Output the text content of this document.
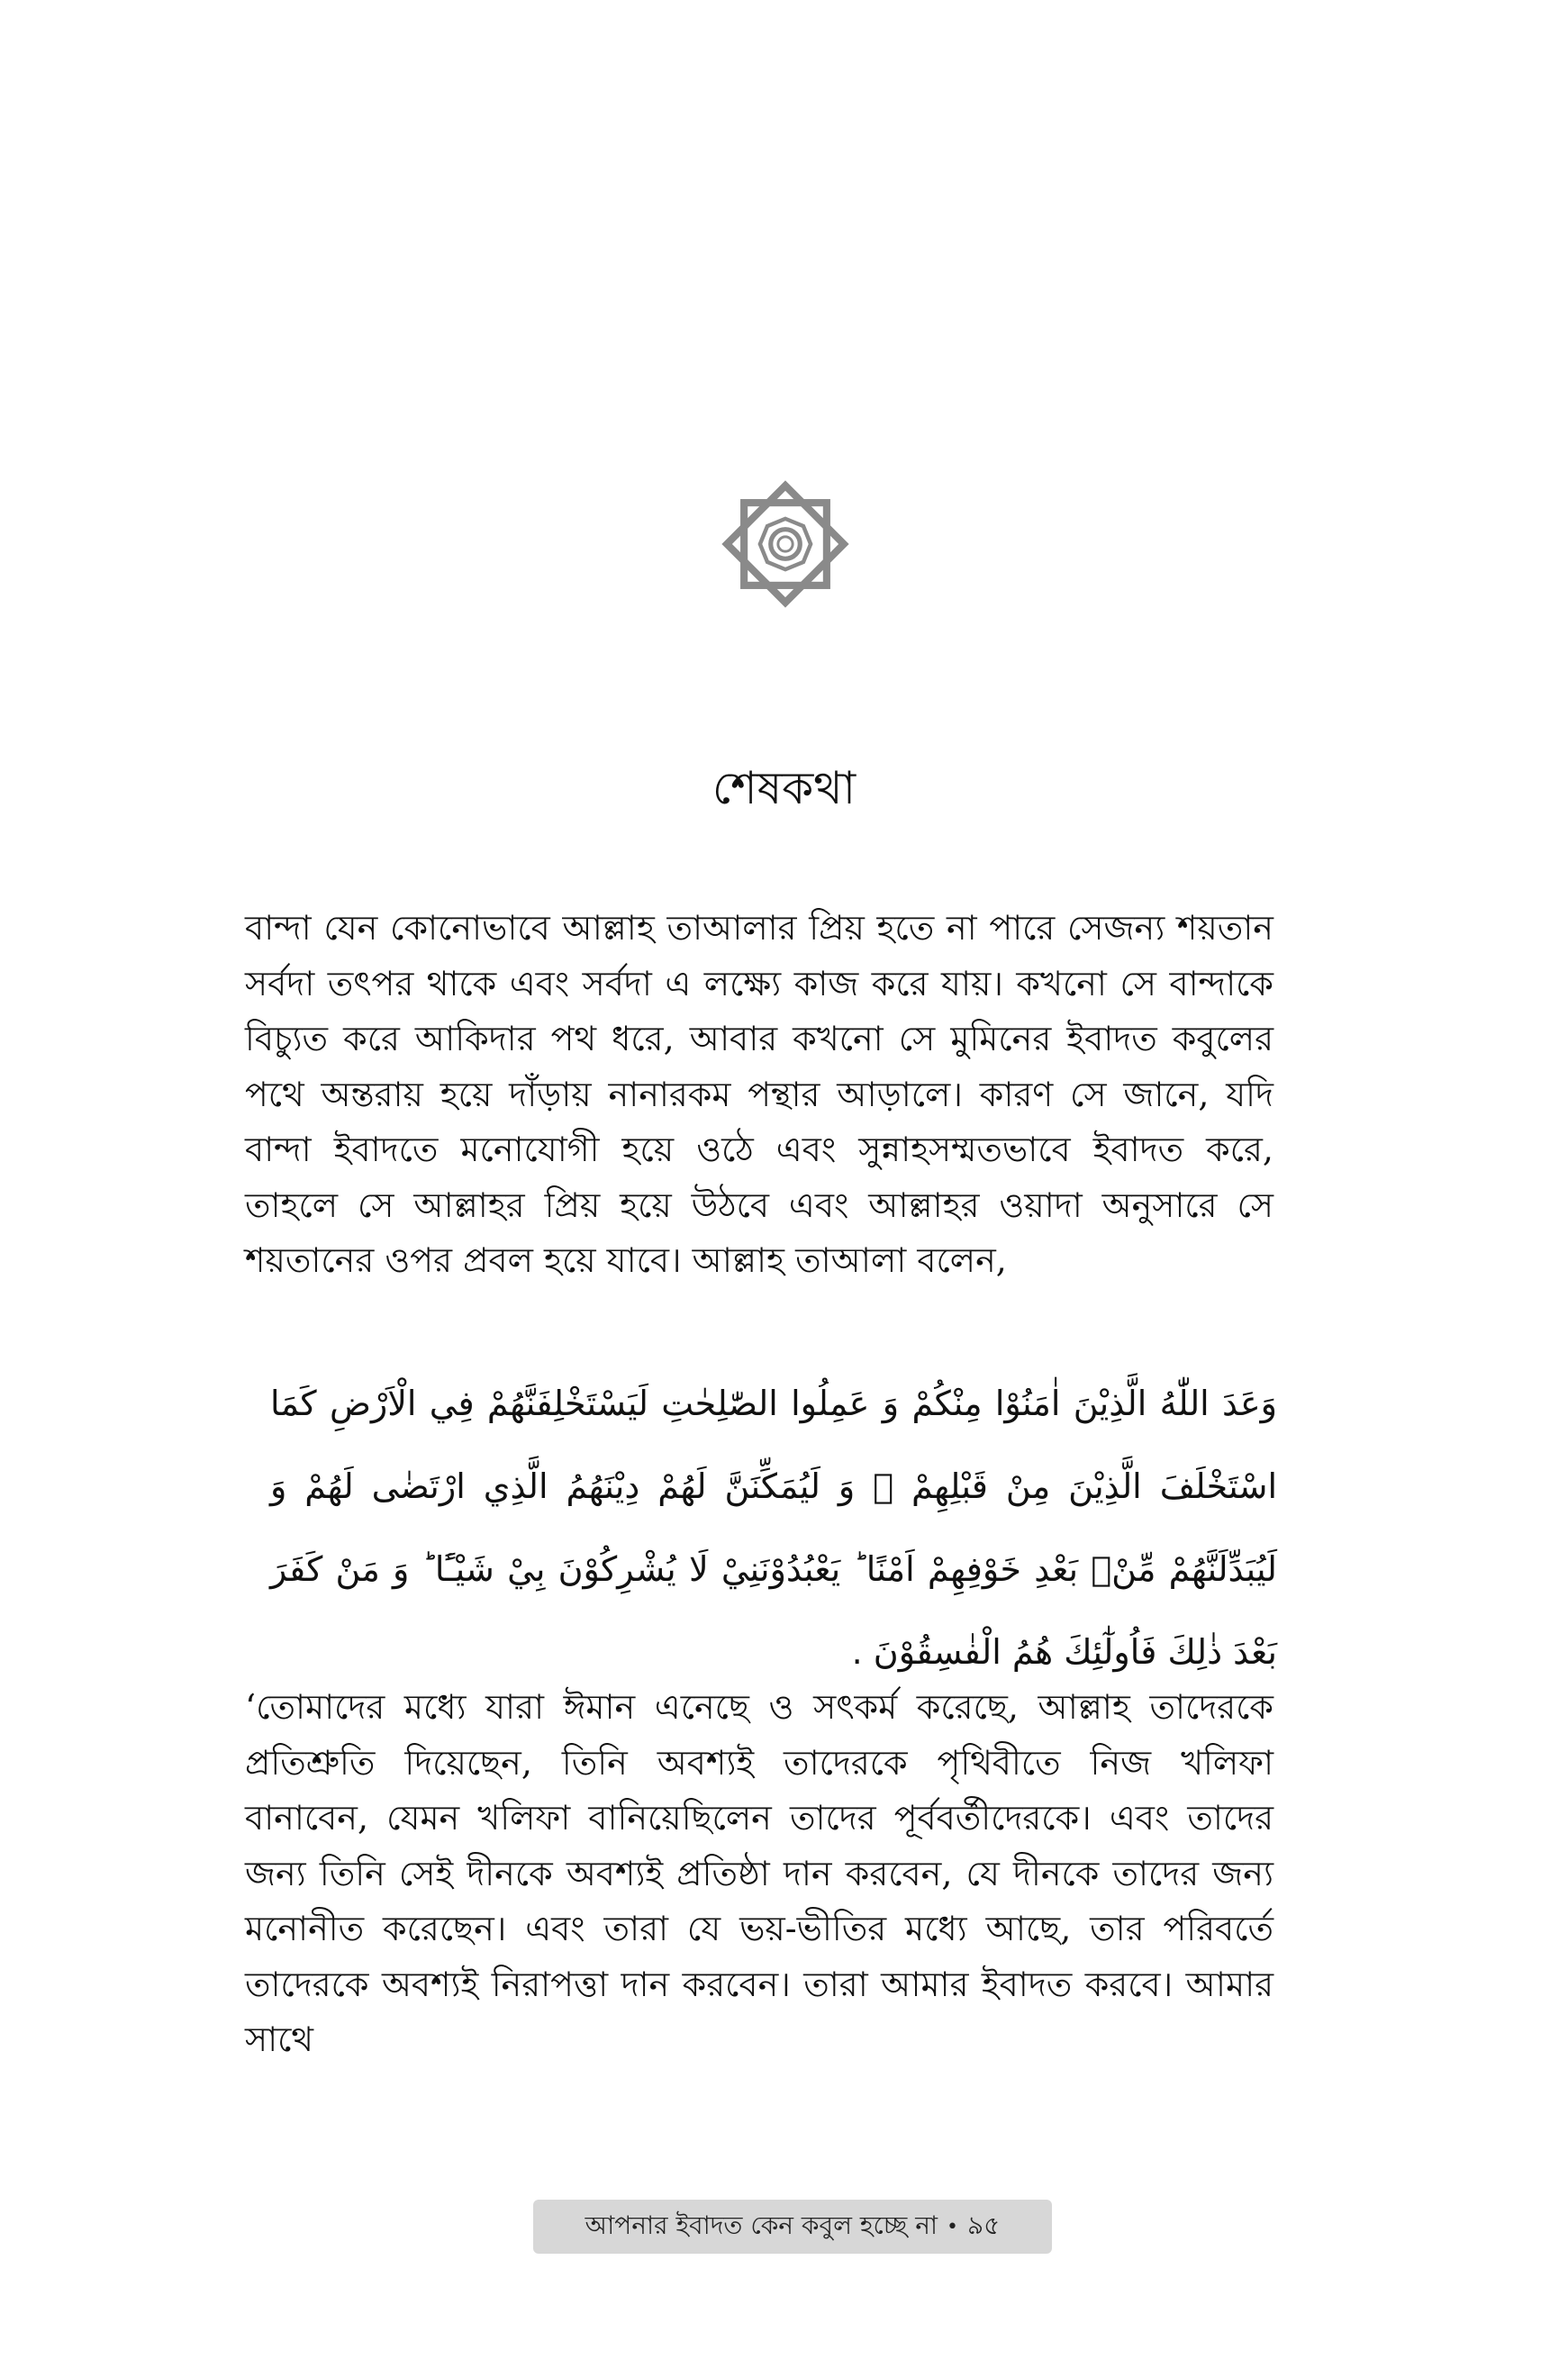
শেষকথা

বান্দা যেন কোনোভাবে আল্লাহ তাআলার প্রিয় হতে না পারে সেজন্য শয়তান সর্বদা তৎপর থাকে এবং সর্বদা এ লক্ষ্যে কাজ করে যায়। কখনো সে বান্দাকে বিচ্যুত করে আকিদার পথ ধরে, আবার কখনো সে মুমিনের ইবাদত কবুলের পথে অন্তরায় হয়ে দাঁড়ায় নানারকম পন্থার আড়ালে। কারণ সে জানে, যদি বান্দা ইবাদতে মনোযোগী হয়ে ওঠে এবং সুন্নাহসম্মতভাবে ইবাদত করে, তাহলে সে আল্লাহর প্রিয় হয়ে উঠবে এবং আল্লাহর ওয়াদা অনুসারে সে শয়তানের ওপর প্রবল হয়ে যাবে। আল্লাহ তাআলা বলেন,

وَعَدَ اللّٰهُ الَّذِيْنَ اٰمَنُوْا مِنْكُمْ وَ عَمِلُوا الصّٰلِحٰتِ لَيَسْتَخْلِفَنَّهُمْ فِي الْاَرْضِ كَمَا اسْتَخْلَفَ الَّذِيْنَ مِنْ قَبْلِهِمْ ۪ وَ لَيُمَكِّنَنَّ لَهُمْ دِيْنَهُمُ الَّذِي ارْتَضٰى لَهُمْ وَ لَيُبَدِّلَنَّهُمْ مِّنْۢ بَعْدِ خَوْفِهِمْ اَمْنًا ؕ يَعْبُدُوْنَنِيْ لَا يُشْرِكُوْنَ بِيْ شَيْـًٔا ؕ وَ مَنْ كَفَرَ بَعْدَ ذٰلِكَ فَاُولٰٓئِكَ هُمُ الْفٰسِقُوْنَ .

‘তোমাদের মধ্যে যারা ঈমান এনেছে ও সৎকর্ম করেছে, আল্লাহ তাদেরকে প্রতিশ্রুতি দিয়েছেন, তিনি অবশ্যই তাদেরকে পৃথিবীতে নিজ খলিফা বানাবেন, যেমন খলিফা বানিয়েছিলেন তাদের পূর্ববর্তীদেরকে। এবং তাদের জন্য তিনি সেই দীনকে অবশ্যই প্রতিষ্ঠা দান করবেন, যে দীনকে তাদের জন্য মনোনীত করেছেন। এবং তারা যে ভয়-ভীতির মধ্যে আছে, তার পরিবর্তে তাদেরকে অবশ্যই নিরাপত্তা দান করবেন। তারা আমার ইবাদত করবে। আমার সাথে

আপনার ইবাদত কেন কবুল হচ্ছে না • ৯৫
